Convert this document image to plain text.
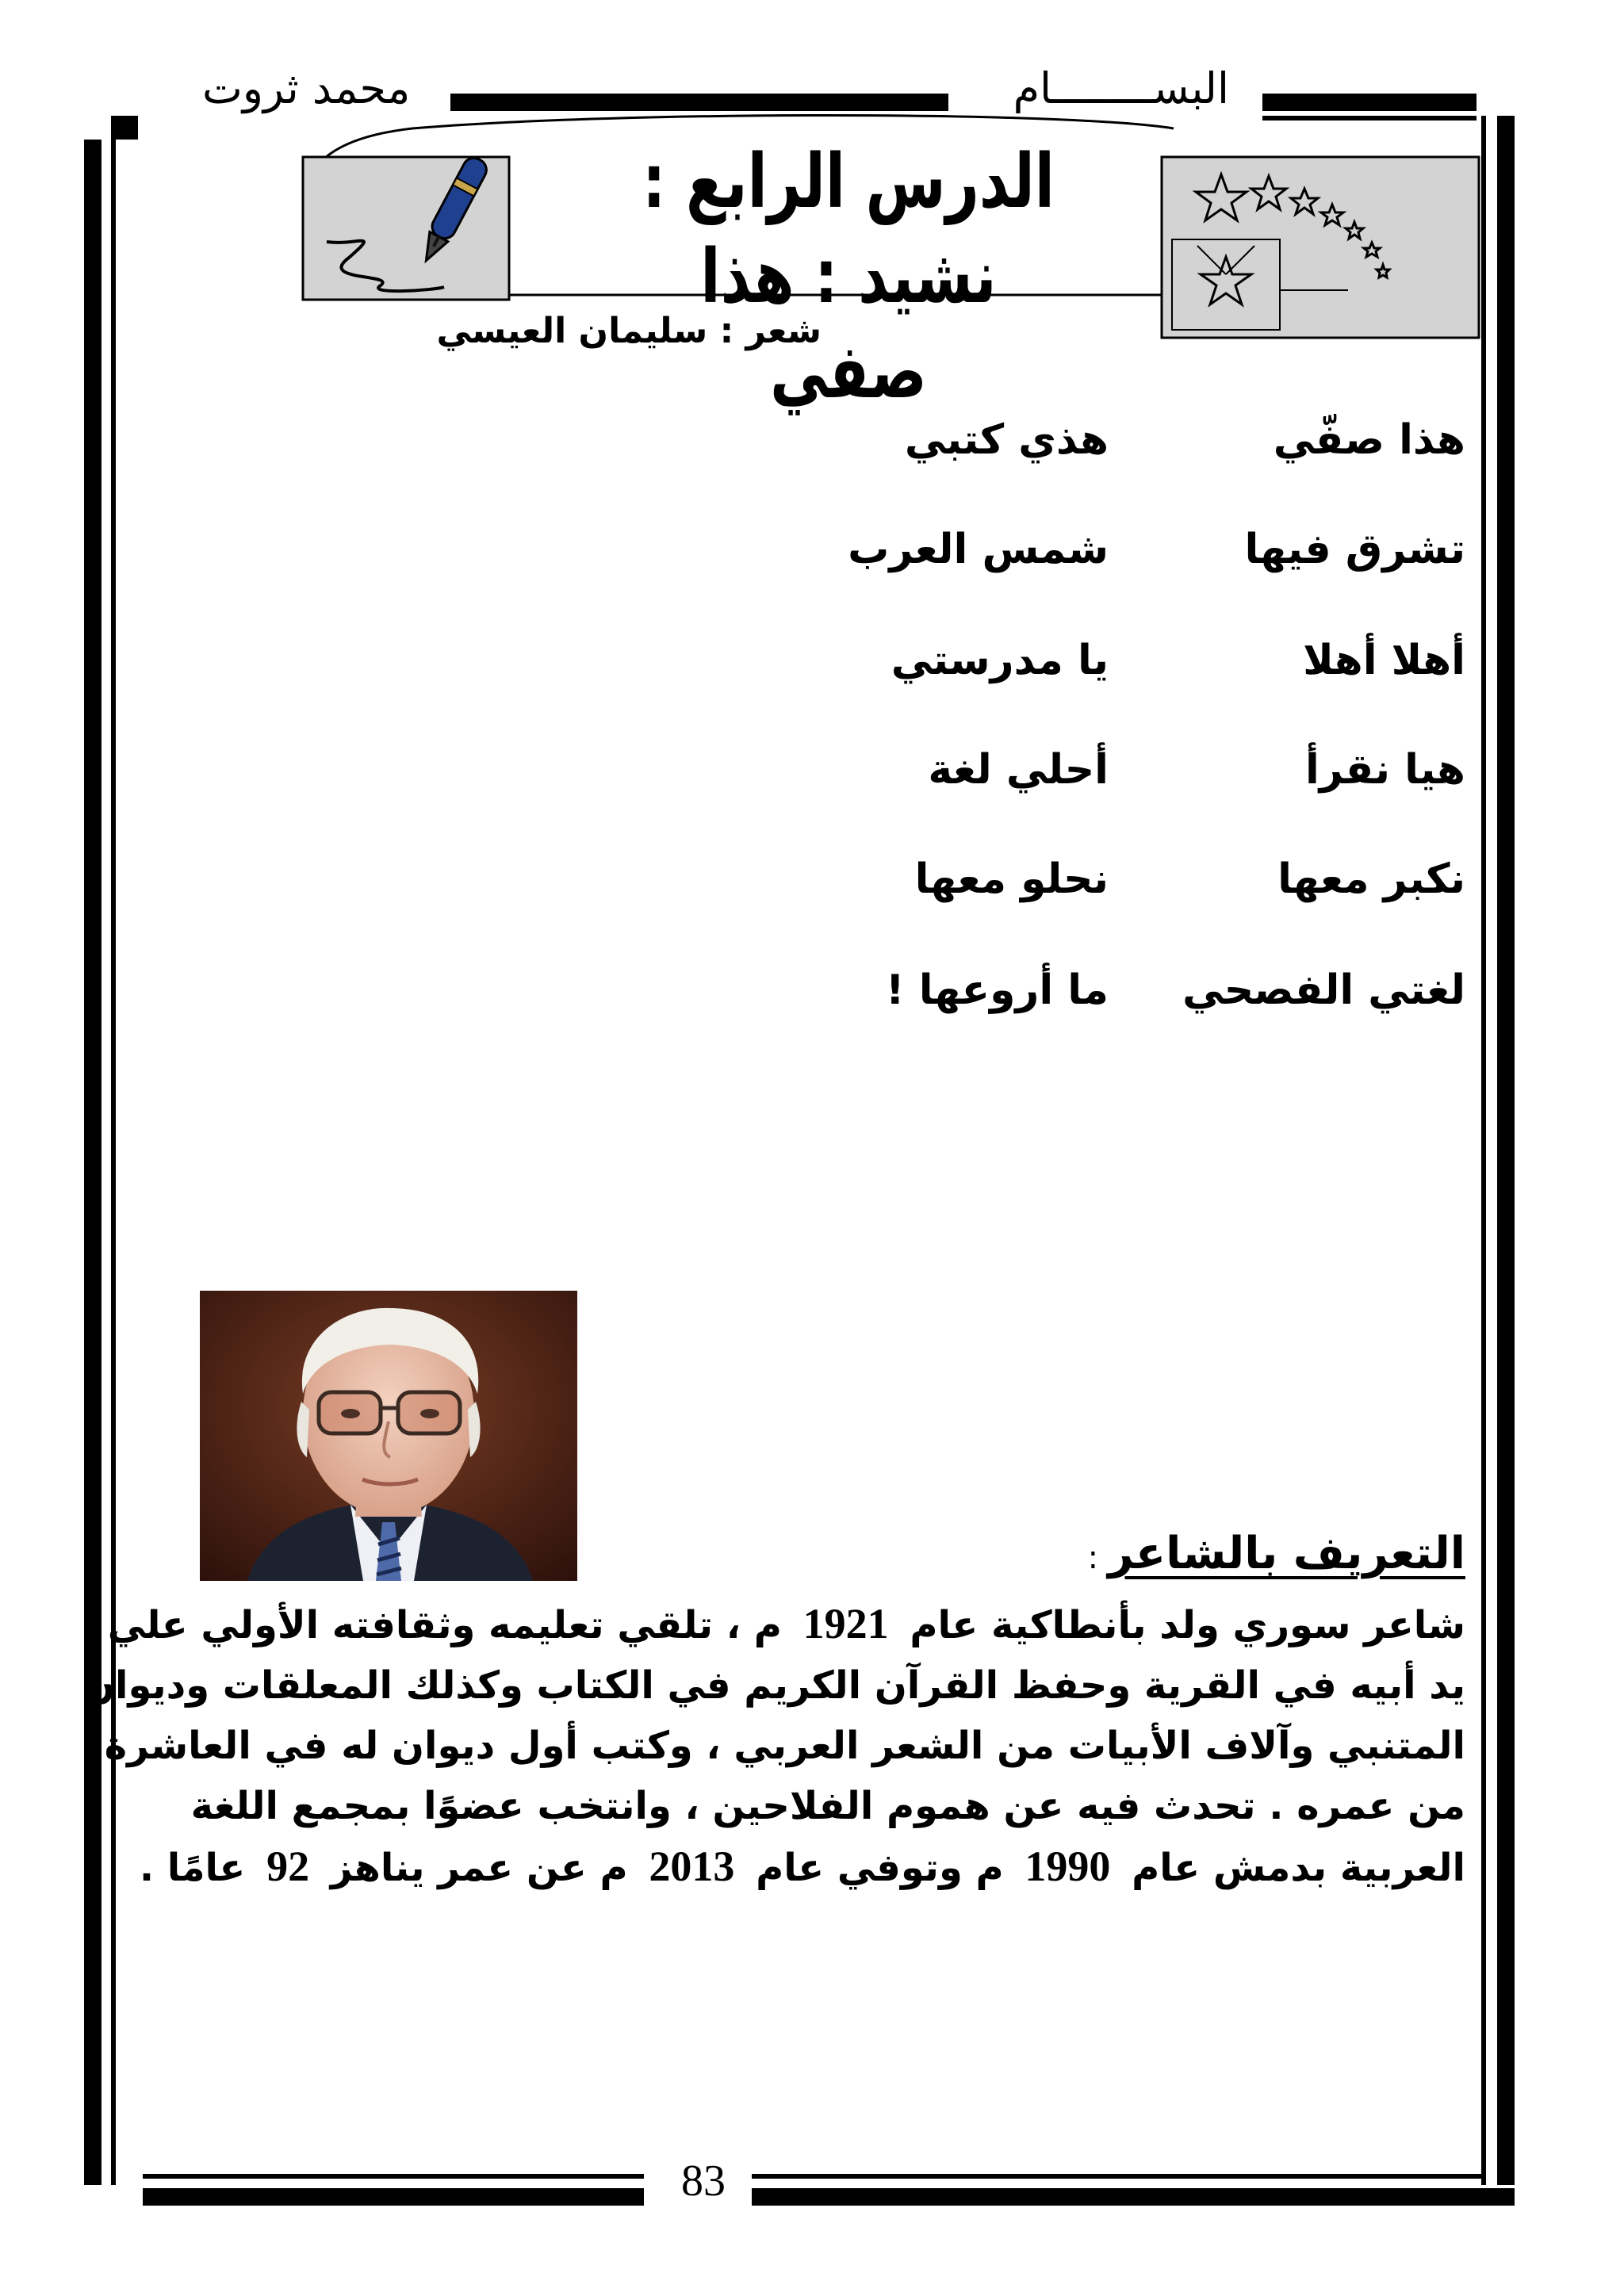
البســــــــام
محمد ثروت
83
الدرس الرابع : نشيد : هذا صفي
شعر : سليمان العيسي
هذا صفّي
هذي كتبي
تشرق فيها
شمس العرب
أهلا أهلا
يا مدرستي
هيا نقرأ
أحلي لغة
نكبر معها
نحلو معها
لغتي الفصحي
ما أروعها !
التعريف بالشاعر:
شاعر سوري ولد بأنطاكية عام 1921 م ، تلقي تعليمه وثقافته الأولي علي يد أبيه في القرية وحفظ القرآن الكريم في الكتاب وكذلك المعلقات وديوان المتنبي وآلاف الأبيات من الشعر العربي ، وكتب أول ديوان له في العاشرة من عمره . تحدث فيه عن هموم الفلاحين ، وانتخب عضوًا بمجمع اللغة العربية بدمش عام 1990 م وتوفي عام 2013 م عن عمر يناهز 92 عامًا .
